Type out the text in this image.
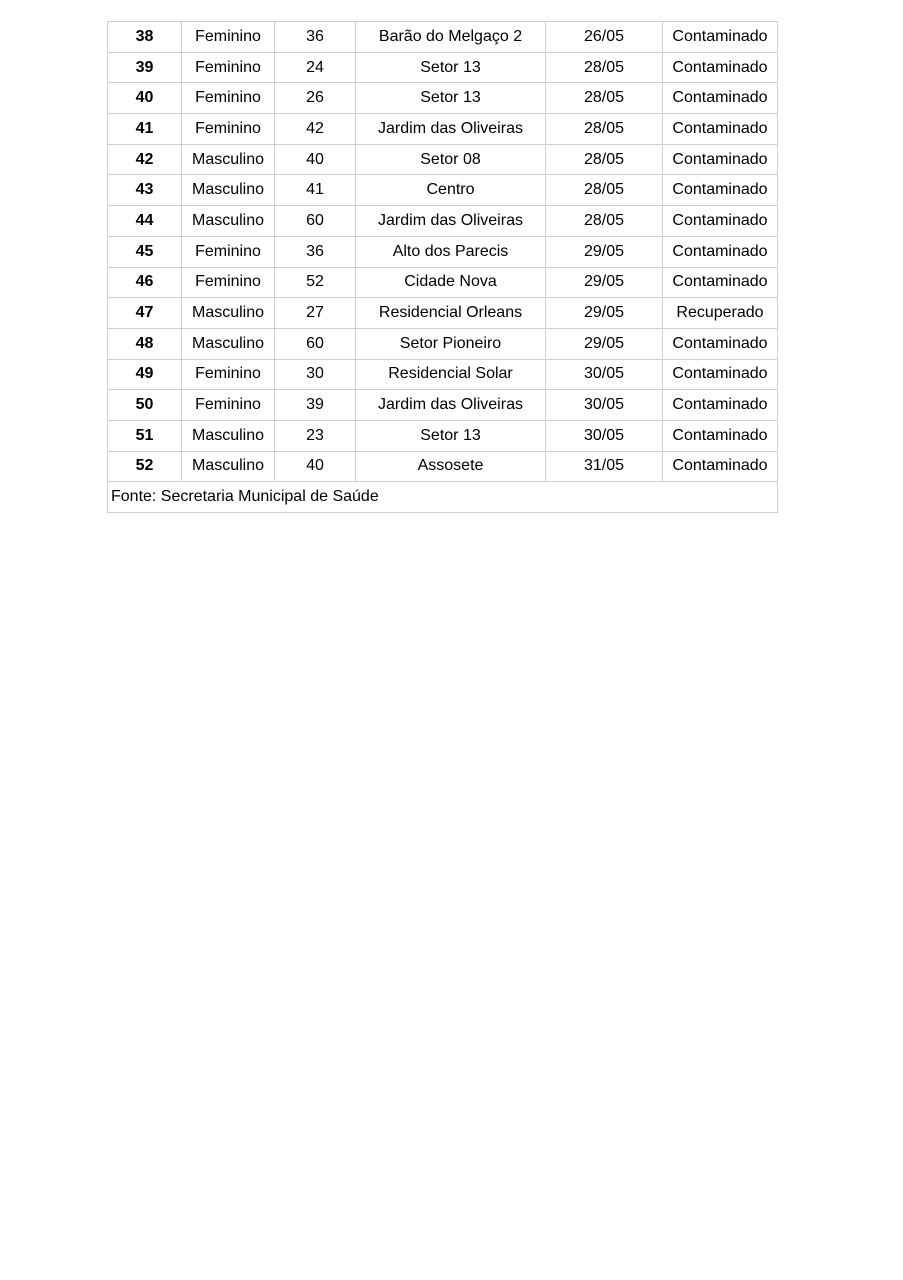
38	Feminino	36	Barão do Melgaço 2	26/05	Contaminado
39	Feminino	24	Setor 13	28/05	Contaminado
40	Feminino	26	Setor 13	28/05	Contaminado
41	Feminino	42	Jardim das Oliveiras	28/05	Contaminado
42	Masculino	40	Setor 08	28/05	Contaminado
43	Masculino	41	Centro	28/05	Contaminado
44	Masculino	60	Jardim das Oliveiras	28/05	Contaminado
45	Feminino	36	Alto dos Parecis	29/05	Contaminado
46	Feminino	52	Cidade Nova	29/05	Contaminado
47	Masculino	27	Residencial Orleans	29/05	Recuperado
48	Masculino	60	Setor Pioneiro	29/05	Contaminado
49	Feminino	30	Residencial Solar	30/05	Contaminado
50	Feminino	39	Jardim das Oliveiras	30/05	Contaminado
51	Masculino	23	Setor 13	30/05	Contaminado
52	Masculino	40	Assosete	31/05	Contaminado
Fonte: Secretaria Municipal de Saúde					
